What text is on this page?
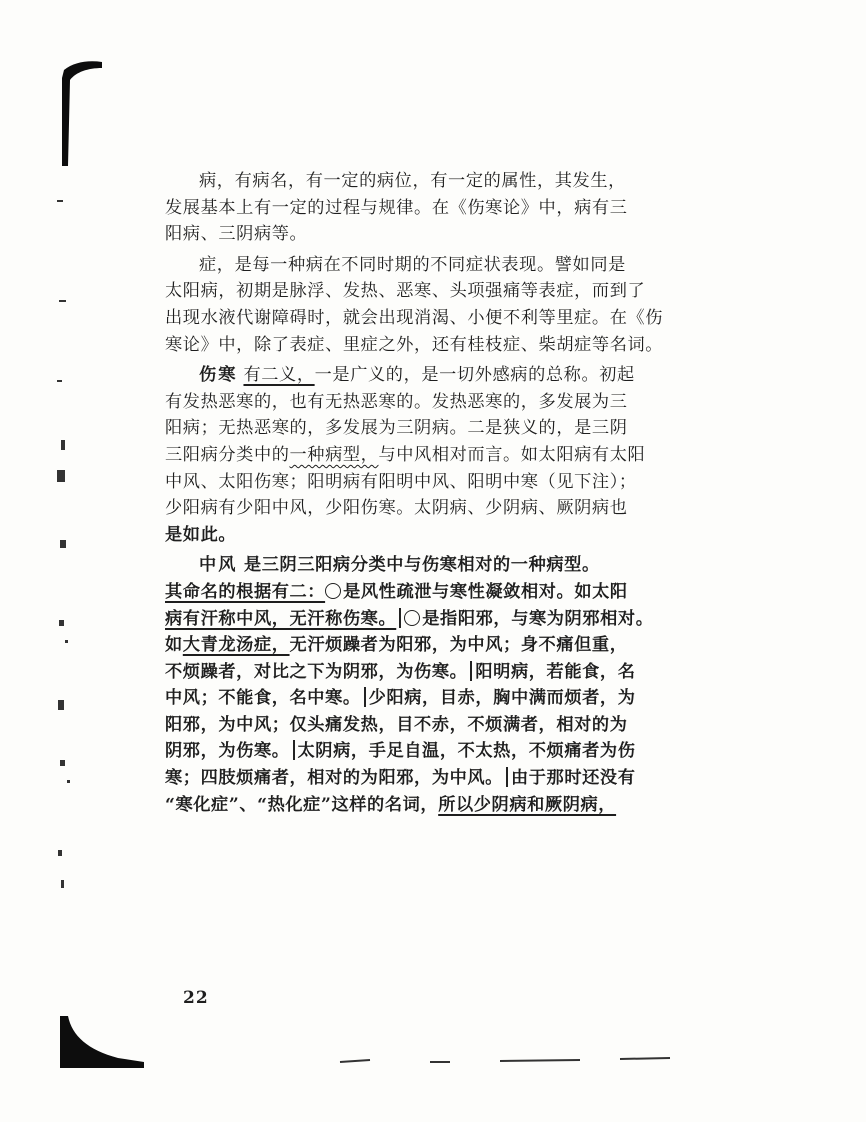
病，有病名，有一定的病位，有一定的属性，其发生，
发展基本上有一定的过程与规律。在《伤寒论》中，病有三
阳病、三阴病等。

症，是每一种病在不同时期的不同症状表现。譬如同是
太阳病，初期是脉浮、发热、恶寒、头项强痛等表症，而到了
出现水液代谢障碍时，就会出现消渴、小便不利等里症。在《伤
寒论》中，除了表症、里症之外，还有桂枝症、柴胡症等名词。

伤寒 有二义，一是广义的，是一切外感病的总称。初起
有发热恶寒的，也有无热恶寒的。发热恶寒的，多发展为三
阳病；无热恶寒的，多发展为三阴病。二是狭义的，是三阴
三阳病分类中的一种病型，与中风相对而言。如太阳病有太阳
中风、太阳伤寒；阳明病有阳明中风、阳明中寒（见下注）；
少阳病有少阳中风，少阳伤寒。太阴病、少阴病、厥阴病也
是如此。

中风 是三阴三阳病分类中与伤寒相对的一种病型。
其命名的根据有二：○ 是风性疏泄与寒性凝敛相对。如太阳
病有汗称中风，无汗称伤寒。 ○ 是指阳邪，与寒为阴邪相对。
如大青龙汤症，无汗烦躁者为阳邪，为中风；身不痛但重，
不烦躁者，对比之下为阴邪，为伤寒。 阳明病，若能食，名
中风；不能食，名中寒。 少阳病，目赤，胸中满而烦者，为
阳邪，为中风；仅头痛发热，目不赤，不烦满者，相对的为
阴邪，为伤寒。 太阴病，手足自温，不太热，不烦痛者为伤
寒；四肢烦痛者，相对的为阳邪，为中风。 由于那时还没有
“寒化症”、“热化症”这样的名词，所以少阴病和厥阴病，

22
